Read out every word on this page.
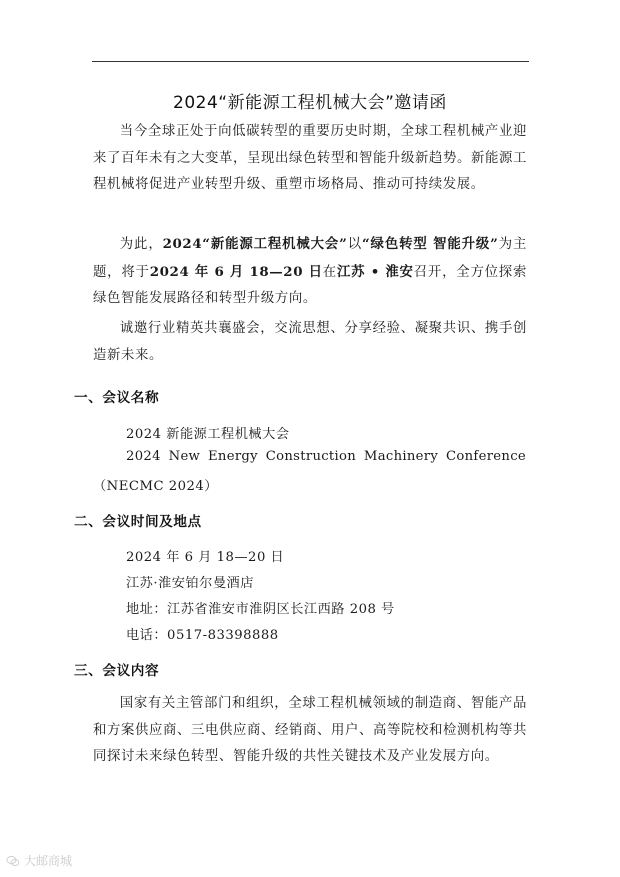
2024“新能源工程机械大会”邀请函
当今全球正处于向低碳转型的重要历史时期，全球工程机械产业迎来了百年未有之大变革，呈现出绿色转型和智能升级新趋势。新能源工程机械将促进产业转型升级、重塑市场格局、推动可持续发展。
为此，2024“新能源工程机械大会”以“绿色转型 智能升级”为主题，将于2024 年 6 月 18—20 日在江苏 • 淮安召开，全方位探索绿色智能发展路径和转型升级方向。
诚邀行业精英共襄盛会，交流思想、分享经验、凝聚共识、携手创造新未来。
一、会议名称
2024 新能源工程机械大会
2024 New Energy Construction Machinery Conference
（NECMC 2024）
二、会议时间及地点
2024 年 6 月 18—20 日
江苏·淮安铂尔曼酒店
地址：江苏省淮安市淮阴区长江西路 208 号
电话：0517-83398888
三、会议内容
国家有关主管部门和组织，全球工程机械领域的制造商、智能产品和方案供应商、三电供应商、经销商、用户、高等院校和检测机构等共同探讨未来绿色转型、智能升级的共性关键技术及产业发展方向。
大邮商城
